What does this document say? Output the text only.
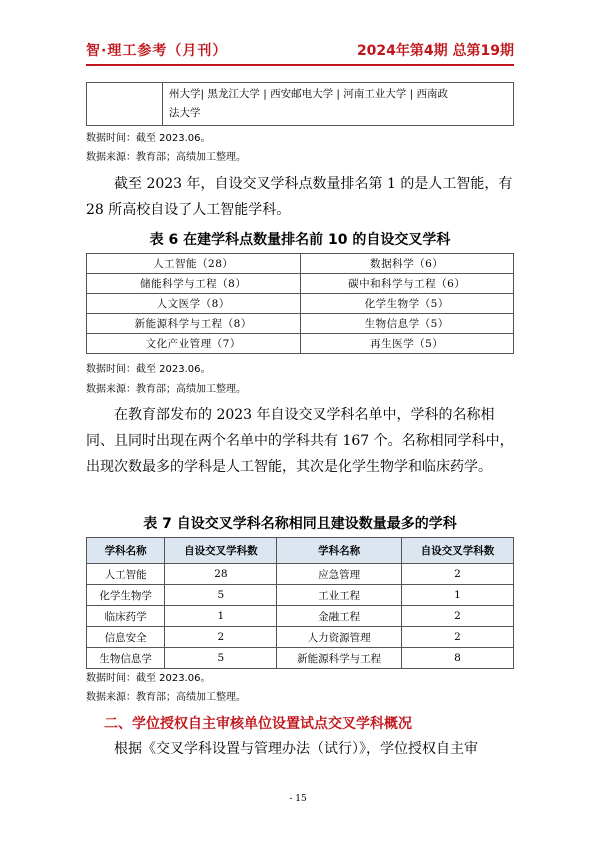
智·理工参考（月刊）	2024年第4期 总第19期

州大学| 黑龙江大学 | 西安邮电大学 | 河南工业大学 | 西南政
法大学
数据时间：截至 2023.06。
数据来源：教育部；高绩加工整理。
截至 2023 年，自设交叉学科点数量排名第 1 的是人工智能，有 28 所高校自设了人工智能学科。
表 6 在建学科点数量排名前 10 的自设交叉学科
人工智能（28）	数据科学（6）
储能科学与工程（8）	碳中和科学与工程（6）
人文医学（8）	化学生物学（5）
新能源科学与工程（8）	生物信息学（5）
文化产业管理（7）	再生医学（5）
数据时间：截至 2023.06。
数据来源：教育部；高绩加工整理。
在教育部发布的 2023 年自设交叉学科名单中，学科的名称相同、且同时出现在两个名单中的学科共有 167 个。名称相同学科中，出现次数最多的学科是人工智能，其次是化学生物学和临床药学。
表 7 自设交叉学科名称相同且建设数量最多的学科
学科名称	自设交叉学科数	学科名称	自设交叉学科数
人工智能	28	应急管理	2
化学生物学	5	工业工程	1
临床药学	1	金融工程	2
信息安全	2	人力资源管理	2
生物信息学	5	新能源科学与工程	8
数据时间：截至 2023.06。
数据来源：教育部；高绩加工整理。
二、学位授权自主审核单位设置试点交叉学科概况
根据《交叉学科设置与管理办法（试行）》，学位授权自主审
- 15
